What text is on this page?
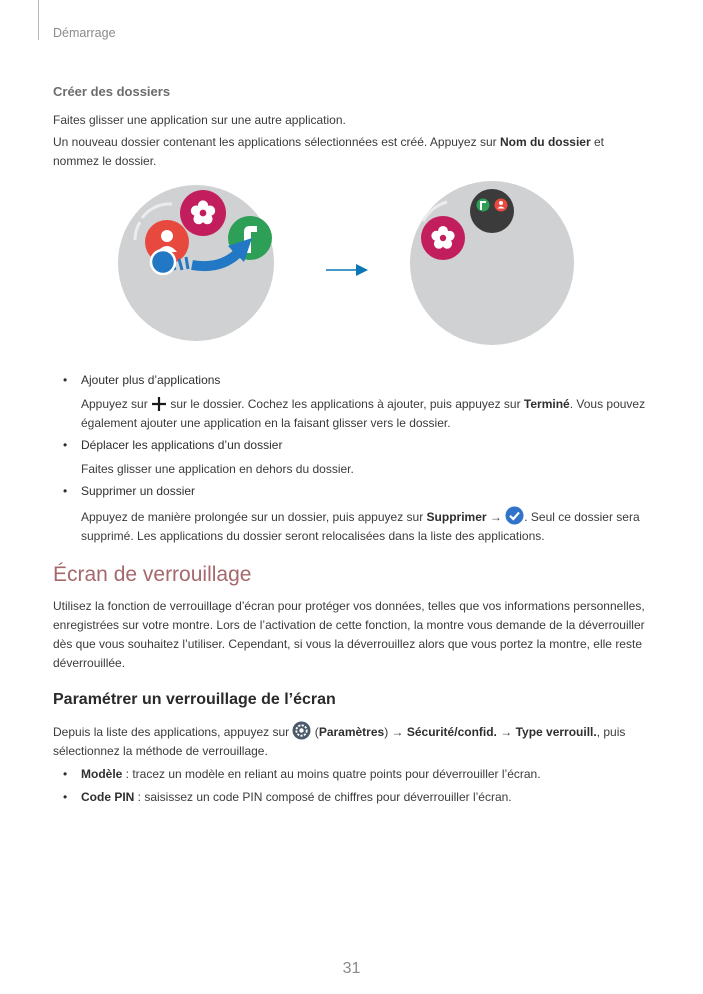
Démarrage
Créer des dossiers

Faites glisser une application sur une autre application.

Un nouveau dossier contenant les applications sélectionnées est créé. Appuyez sur Nom du dossier et nommez le dossier.

• Ajouter plus d’applications

Appuyez sur  sur le dossier. Cochez les applications à ajouter, puis appuyez sur Terminé. Vous pouvez également ajouter une application en la faisant glisser vers le dossier.

• Déplacer les applications d’un dossier

Faites glisser une application en dehors du dossier.

• Supprimer un dossier

Appuyez de manière prolongée sur un dossier, puis appuyez sur Supprimer → . Seul ce dossier sera supprimé. Les applications du dossier seront relocalisées dans la liste des applications.

Écran de verrouillage

Utilisez la fonction de verrouillage d’écran pour protéger vos données, telles que vos informations personnelles, enregistrées sur votre montre. Lors de l’activation de cette fonction, la montre vous demande de la déverrouiller dès que vous souhaitez l’utiliser. Cependant, si vous la déverrouillez alors que vous portez la montre, elle reste déverrouillée.

Paramétrer un verrouillage de l’écran

Depuis la liste des applications, appuyez sur  (Paramètres) → Sécurité/confid. → Type verrouill., puis sélectionnez la méthode de verrouillage.

• Modèle : tracez un modèle en reliant au moins quatre points pour déverrouiller l’écran.

• Code PIN : saisissez un code PIN composé de chiffres pour déverrouiller l’écran.

31
